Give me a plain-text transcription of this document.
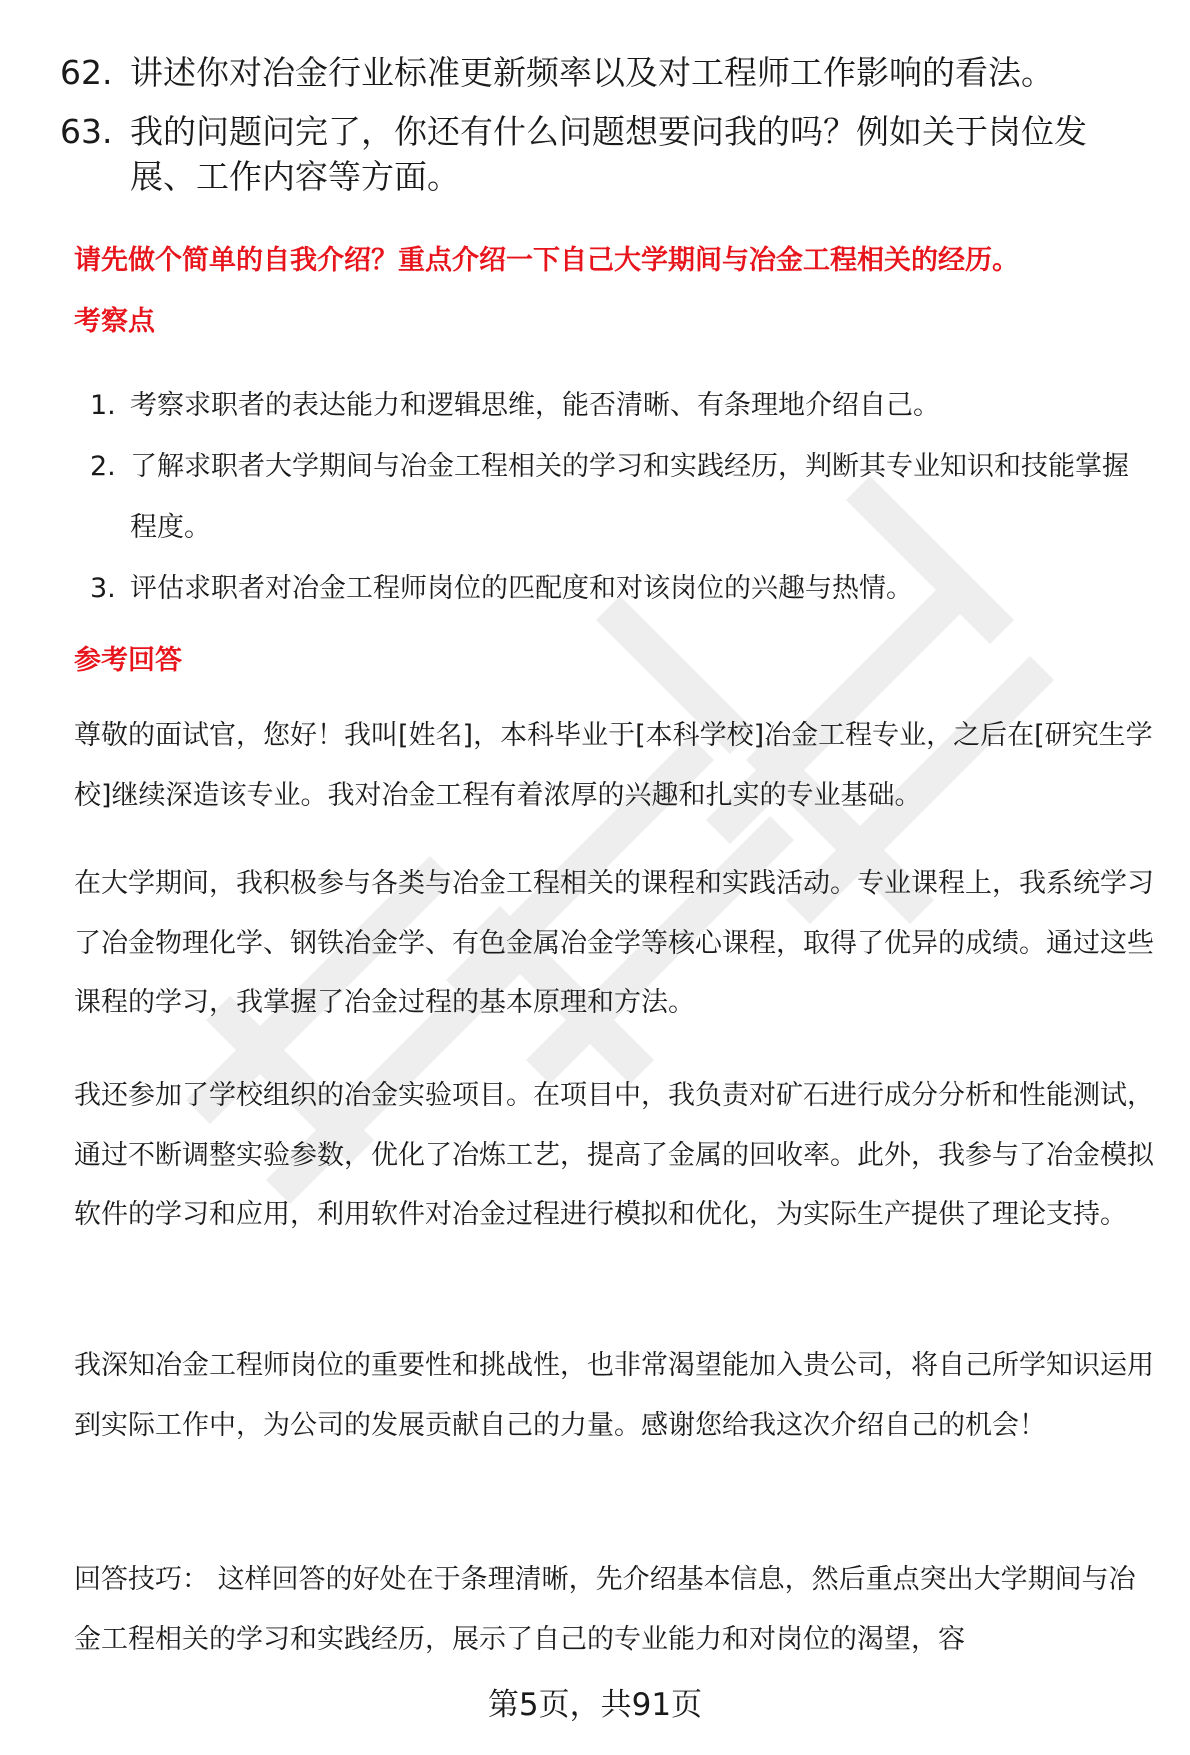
62. 讲述你对冶金行业标准更新频率以及对工程师工作影响的看法。
63. 我的问题问完了，你还有什么问题想要问我的吗？例如关于岗位发展、工作内容等方面。
请先做个简单的自我介绍？重点介绍一下自己大学期间与冶金工程相关的经历。
考察点
1. 考察求职者的表达能力和逻辑思维，能否清晰、有条理地介绍自己。
2. 了解求职者大学期间与冶金工程相关的学习和实践经历，判断其专业知识和技能掌握程度。
3. 评估求职者对冶金工程师岗位的匹配度和对该岗位的兴趣与热情。
参考回答

尊敬的面试官，您好！我叫[姓名]，本科毕业于[本科学校]冶金工程专业，之后在[研究生学校]继续深造该专业。我对冶金工程有着浓厚的兴趣和扎实的专业基础。

在大学期间，我积极参与各类与冶金工程相关的课程和实践活动。专业课程上，我系统学习了冶金物理化学、钢铁冶金学、有色金属冶金学等核心课程，取得了优异的成绩。通过这些课程的学习，我掌握了冶金过程的基本原理和方法。

我还参加了学校组织的冶金实验项目。在项目中，我负责对矿石进行成分分析和性能测试，通过不断调整实验参数，优化了冶炼工艺，提高了金属的回收率。此外，我参与了冶金模拟软件的学习和应用，利用软件对冶金过程进行模拟和优化，为实际生产提供了理论支持。

我深知冶金工程师岗位的重要性和挑战性，也非常渴望能加入贵公司，将自己所学知识运用到实际工作中，为公司的发展贡献自己的力量。感谢您给我这次介绍自己的机会！

回答技巧： 这样回答的好处在于条理清晰，先介绍基本信息，然后重点突出大学期间与冶金工程相关的学习和实践经历，展示了自己的专业能力和对岗位的渴望，容

第5页，共91页
